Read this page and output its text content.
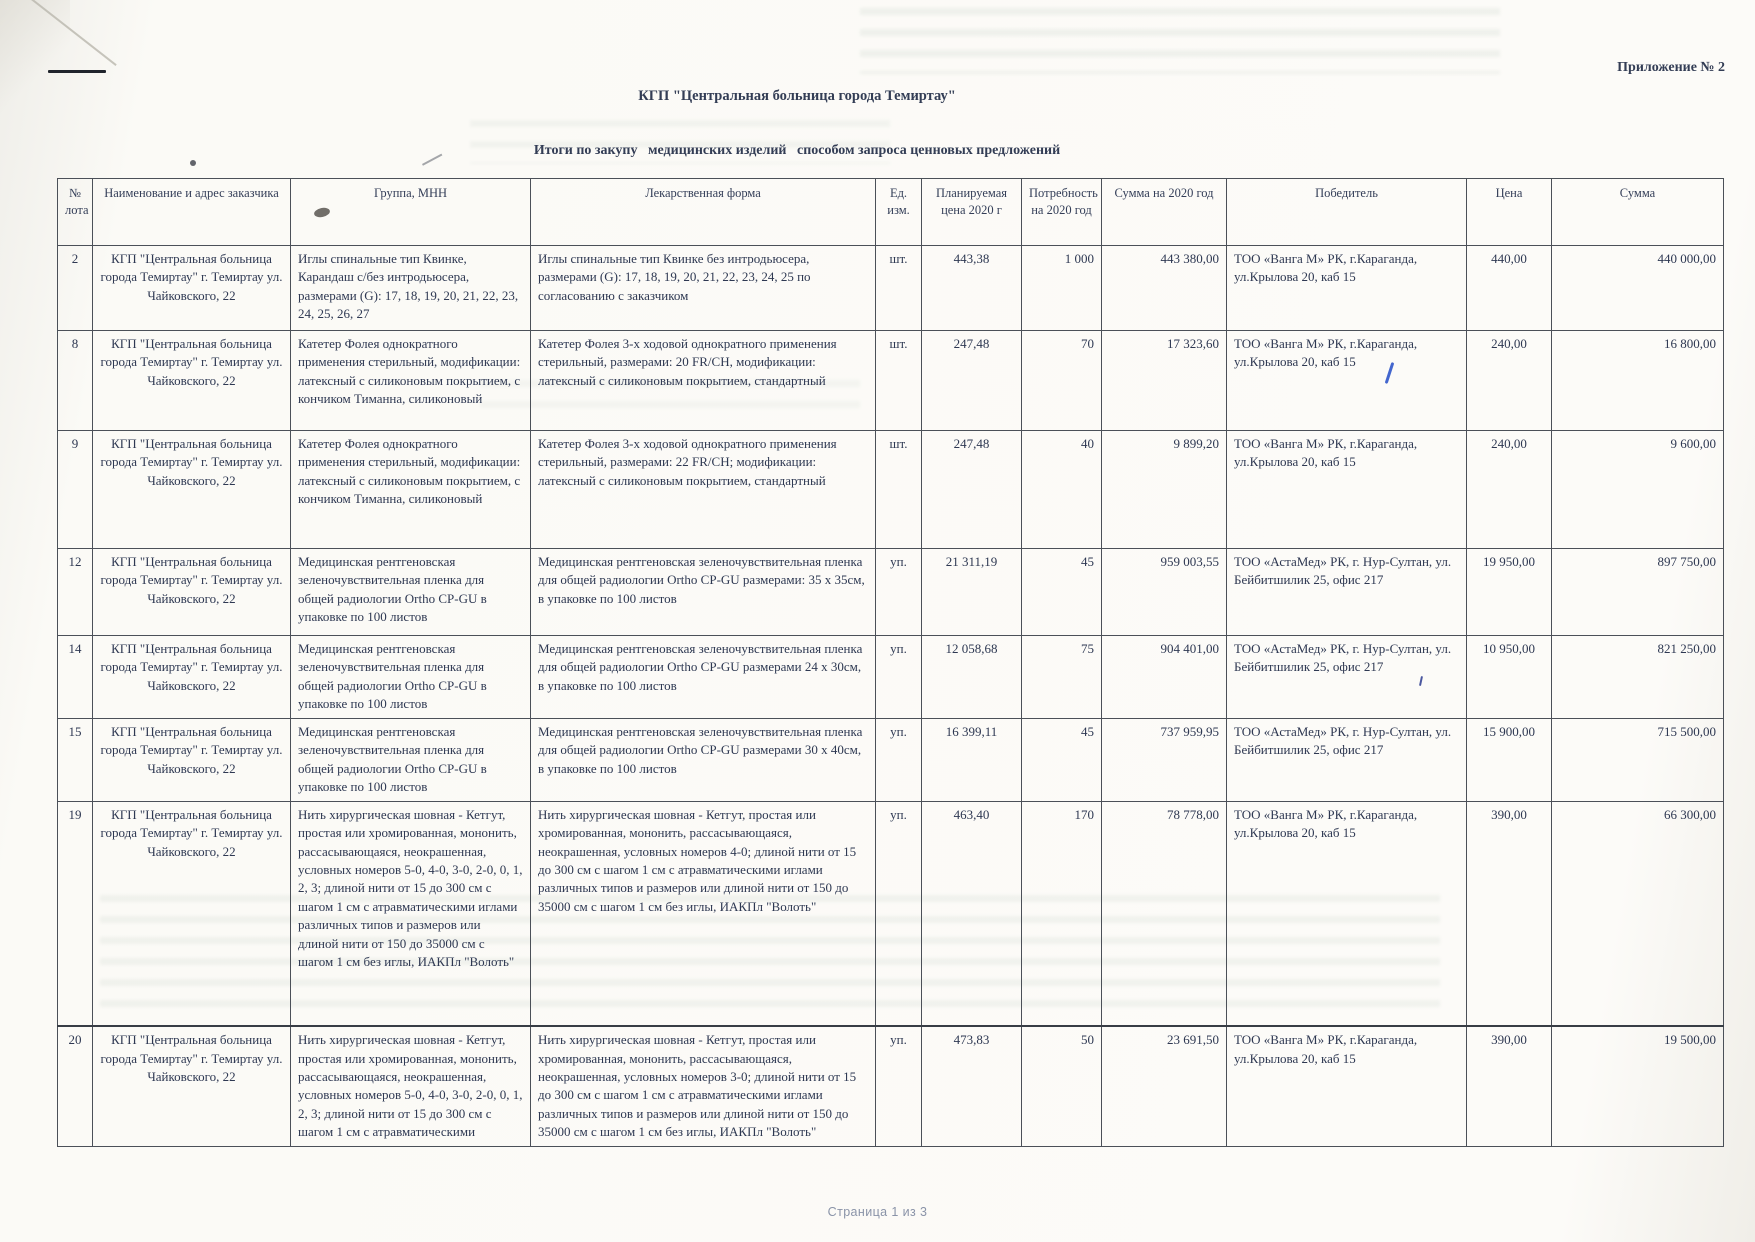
Приложение № 2
КГП "Центральная больница города Темиртау"
Итоги по закупу   медицинских изделий   способом запроса ценновых предложений
№ лота	Наименование и адрес заказчика	Группа, МНН	Лекарственная форма	Ед. изм.	Планируемая цена 2020 г	Потребность на 2020 год	Сумма на 2020 год	Победитель	Цена	Сумма
2	КГП "Центральная больница города Темиртау" г. Темиртау ул. Чайковского, 22	Иглы спинальные тип Квинке, Карандаш с/без интродьюсера, размерами (G): 17, 18, 19, 20, 21, 22, 23, 24, 25, 26, 27	Иглы спинальные тип Квинке без интродьюсера, размерами (G): 17, 18, 19, 20, 21, 22, 23, 24, 25 по согласованию с заказчиком	шт.	443,38	1 000	443 380,00	ТОО «Ванга М» РК, г.Караганда, ул.Крылова 20, каб 15	440,00	440 000,00
8	КГП "Центральная больница города Темиртау" г. Темиртау ул. Чайковского, 22	Катетер Фолея однократного применения стерильный, модификации: латексный с силиконовым покрытием, с кончиком Тиманна, силиконовый	Катетер Фолея 3-х ходовой однократного применения стерильный, размерами: 20 FR/CH, модификации: латексный с силиконовым покрытием, стандартный	шт.	247,48	70	17 323,60	ТОО «Ванга М» РК, г.Караганда, ул.Крылова 20, каб 15	240,00	16 800,00
9	КГП "Центральная больница города Темиртау" г. Темиртау ул. Чайковского, 22	Катетер Фолея однократного применения стерильный, модификации: латексный с силиконовым покрытием, с кончиком Тиманна, силиконовый	Катетер Фолея 3-х ходовой однократного применения стерильный, размерами: 22 FR/CH; модификации: латексный с силиконовым покрытием, стандартный	шт.	247,48	40	9 899,20	ТОО «Ванга М» РК, г.Караганда, ул.Крылова 20, каб 15	240,00	9 600,00
12	КГП "Центральная больница города Темиртау" г. Темиртау ул. Чайковского, 22	Медицинская рентгеновская зеленочувствительная пленка для общей радиологии Ortho CP-GU в упаковке по 100 листов	Медицинская рентгеновская зеленочувствительная пленка для общей радиологии Ortho CP-GU размерами: 35 х 35см, в упаковке по 100 листов	уп.	21 311,19	45	959 003,55	ТОО «АстаМед» РК, г. Нур-Султан, ул. Бейбитшилик 25, офис 217	19 950,00	897 750,00
14	КГП "Центральная больница города Темиртау" г. Темиртау ул. Чайковского, 22	Медицинская рентгеновская зеленочувствительная пленка для общей радиологии Ortho CP-GU в упаковке по 100 листов	Медицинская рентгеновская зеленочувствительная пленка для общей радиологии Ortho CP-GU размерами 24 х 30см, в упаковке по 100 листов	уп.	12 058,68	75	904 401,00	ТОО «АстаМед» РК, г. Нур-Султан, ул. Бейбитшилик 25, офис 217	10 950,00	821 250,00
15	КГП "Центральная больница города Темиртау" г. Темиртау ул. Чайковского, 22	Медицинская рентгеновская зеленочувствительная пленка для общей радиологии Ortho CP-GU в упаковке по 100 листов	Медицинская рентгеновская зеленочувствительная пленка для общей радиологии Ortho CP-GU размерами 30 х 40см, в упаковке по 100 листов	уп.	16 399,11	45	737 959,95	ТОО «АстаМед» РК, г. Нур-Султан, ул. Бейбитшилик 25, офис 217	15 900,00	715 500,00
19	КГП "Центральная больница города Темиртау" г. Темиртау ул. Чайковского, 22	Нить хирургическая шовная - Кетгут, простая или хромированная, мононить, рассасывающаяся, неокрашенная, условных номеров 5-0, 4-0, 3-0, 2-0, 0, 1, 2, 3; длиной нити от 15 до 300 см с шагом 1 см с атравматическими иглами различных типов и размеров или длиной нити от 150 до 35000 см с шагом 1 см без иглы, ИАКПл "Волоть"	Нить хирургическая шовная - Кетгут, простая или хромированная, мононить, рассасывающаяся, неокрашенная, условных номеров 4-0; длиной нити от 15 до 300 см с шагом 1 см с атравматическими иглами различных типов и размеров или длиной нити от 150 до 35000 см с шагом 1 см без иглы, ИАКПл "Волоть"	уп.	463,40	170	78 778,00	ТОО «Ванга М» РК, г.Караганда, ул.Крылова 20, каб 15	390,00	66 300,00
20	КГП "Центральная больница города Темиртау" г. Темиртау ул. Чайковского, 22	Нить хирургическая шовная - Кетгут, простая или хромированная, мононить, рассасывающаяся, неокрашенная, условных номеров 5-0, 4-0, 3-0, 2-0, 0, 1, 2, 3; длиной нити от 15 до 300 см с шагом 1 см с атравматическими	Нить хирургическая шовная - Кетгут, простая или хромированная, мононить, рассасывающаяся, неокрашенная, условных номеров 3-0; длиной нити от 15 до 300 см с шагом 1 см с атравматическими иглами различных типов и размеров или длиной нити от 150 до 35000 см с шагом 1 см без иглы, ИАКПл "Волоть"	уп.	473,83	50	23 691,50	ТОО «Ванга М» РК, г.Караганда, ул.Крылова 20, каб 15	390,00	19 500,00
Страница 1 из 3
